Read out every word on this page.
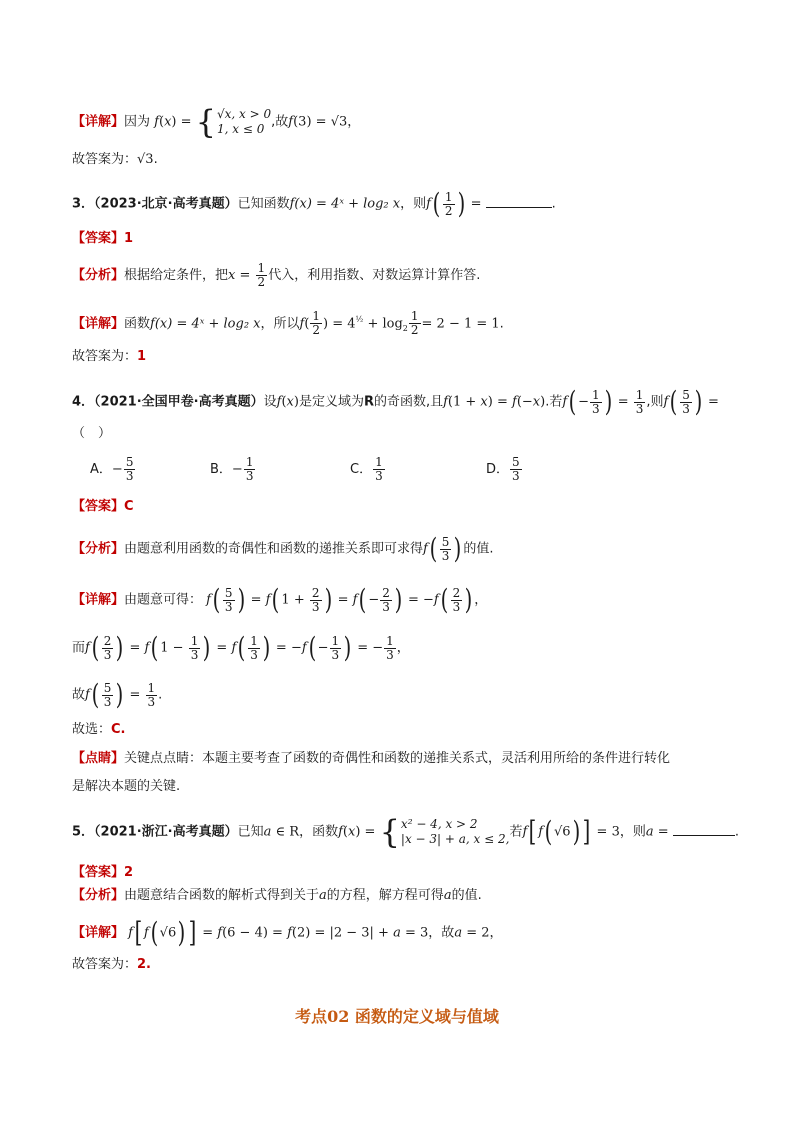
【详解】因为 f(x) = { √x, x > 0
1, x ≤ 0 ,故f(3) = √3，
故答案为：√3.
3．（2023·北京·高考真题）已知函数f(x) = 4ˣ + log₂ x，则$f( \frac{1}{2}$ ) =	.
【答案】1
【分析】根据给定条件，把$x = \frac{1}{2}$ 代入，利用指数、对数运算计算作答.
【详解】函数f(x) = 4ˣ + log₂ x，所以$f( \frac{1}{2}$ ) = $4^{\frac{1}{2}} + \log_2 \frac{1}{2} = 2 - 1 = 1$.
故答案为：1
4．（2021·全国甲卷·高考真题）设f(x)是定义域为R的奇函数,且f(1 + x) = f(−x).若$f( - \frac{1}{3}$ ) = $\frac{1}{3}$ ,则$f( \frac{5}{3}$ ) =
（　）
A．− $\frac{5}{3}$	B．− $\frac{1}{3}$	C． $\frac{1}{3}$	D． $\frac{5}{3}$
【答案】C
【分析】由题意利用函数的奇偶性和函数的递推关系即可求得$f( \frac{5}{3}$ ) 的值.
【详解】由题意可得： $f( \frac{5}{3}$ ) = f( $1 + \frac{2}{3}$ ) = $f( - \frac{2}{3}$ ) = $-f( \frac{2}{3}$ ) ，
而$f( \frac{2}{3}$ ) = f( $1 - \frac{1}{3}$ ) = $f( \frac{1}{3}$ ) = $-f( - \frac{1}{3}$ ) = − $\frac{1}{3}$ ，
故$f( \frac{5}{3}$ ) = $\frac{1}{3}$ .
故选：C.
【点睛】关键点点睛：本题主要考查了函数的奇偶性和函数的递推关系式，灵活利用所给的条件进行转化
是解决本题的关键.
5．（2021·浙江·高考真题）已知a ∈ R，函数f(x) = { x² − 4, x > 2
|x − 3| + a, x ≤ 2, 若f[ f( √6) ] = 3，则a =	.
【答案】2
【分析】由题意结合函数的解析式得到关于a的方程，解方程可得a的值.
【详解】 f[ f( √6) ] = f(6 − 4) = f(2) = |2 − 3| + a = 3，故a = 2，
故答案为：2.
考点02 函数的定义域与值域
